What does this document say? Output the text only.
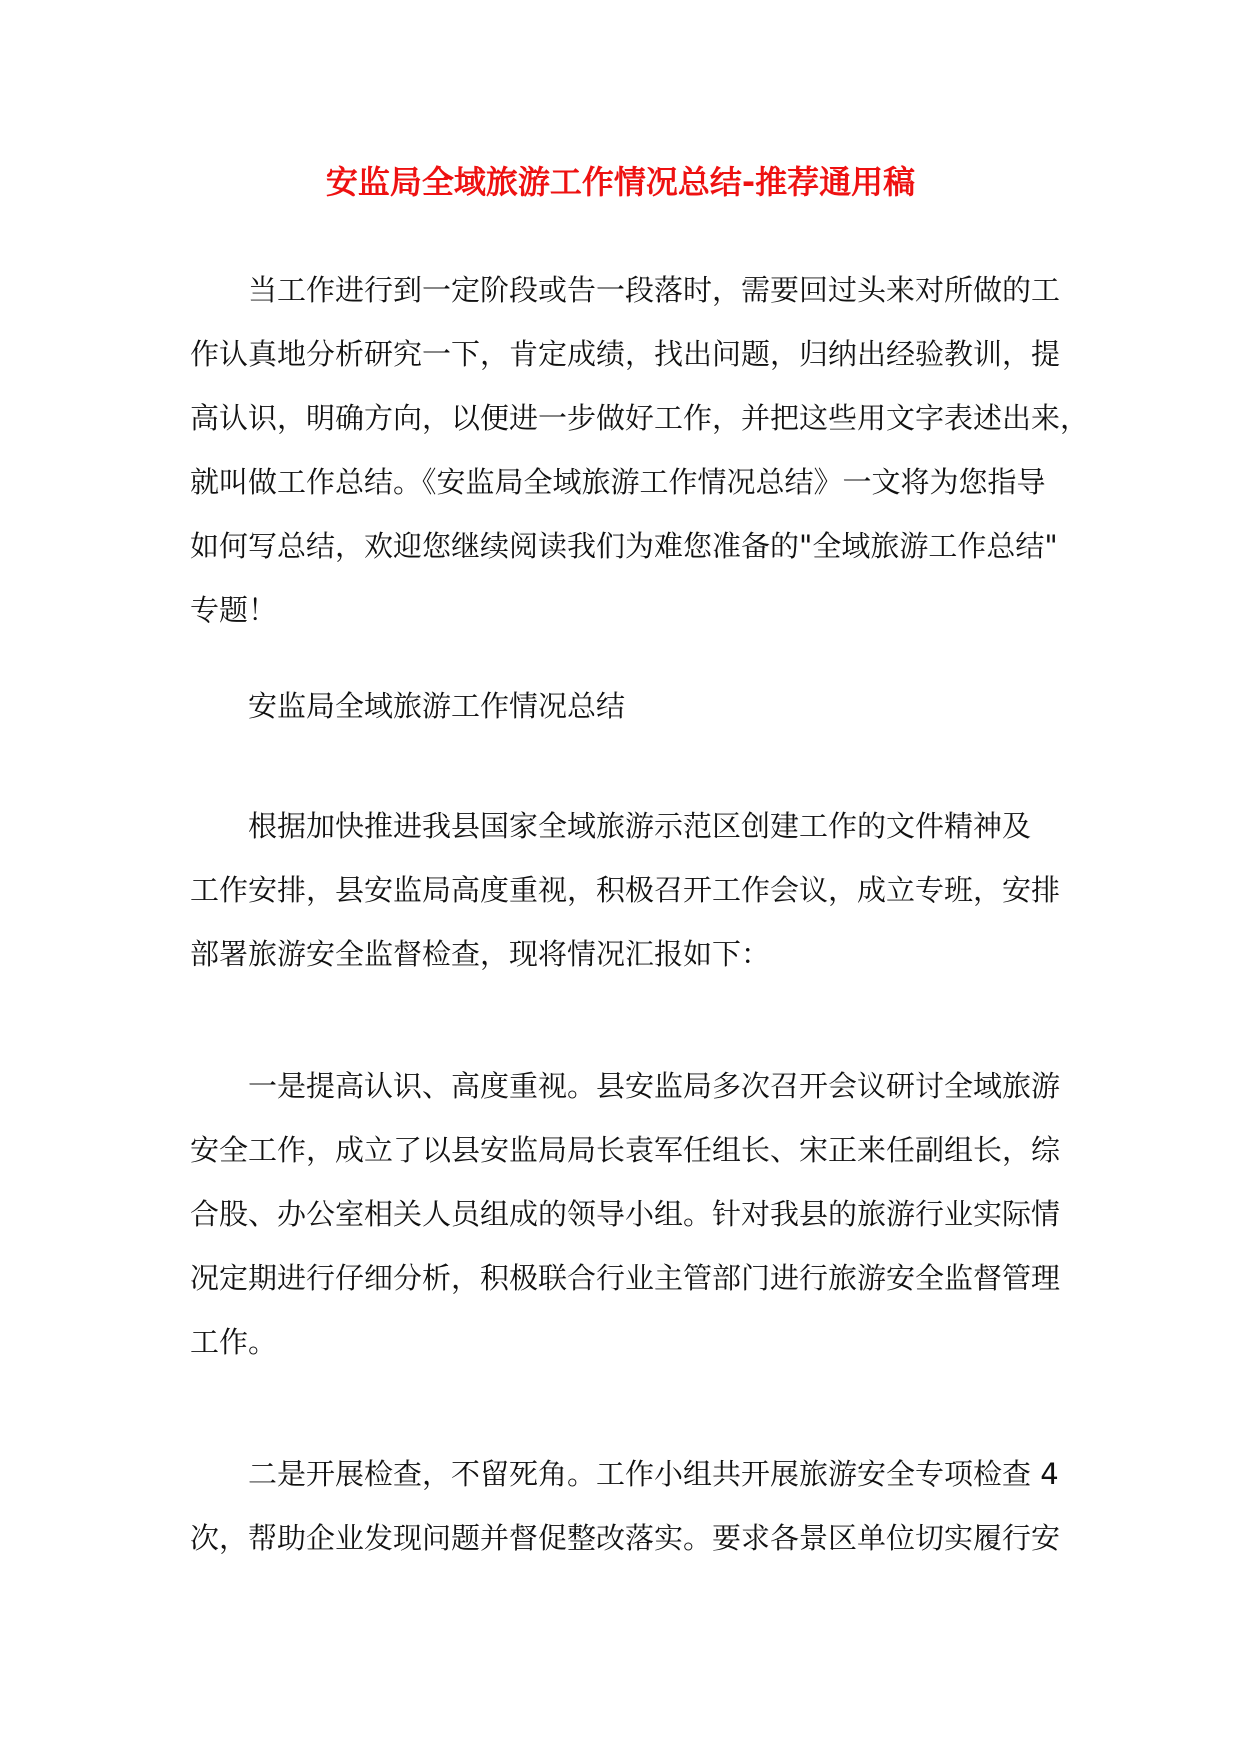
安监局全域旅游工作情况总结-推荐通用稿
当工作进行到一定阶段或告一段落时，需要回过头来对所做的工
作认真地分析研究一下，肯定成绩，找出问题，归纳出经验教训，提
高认识，明确方向，以便进一步做好工作，并把这些用文字表述出来，
就叫做工作总结。《安监局全域旅游工作情况总结》一文将为您指导
如何写总结，欢迎您继续阅读我们为难您准备的"全域旅游工作总结"
专题！
安监局全域旅游工作情况总结
根据加快推进我县国家全域旅游示范区创建工作的文件精神及
工作安排，县安监局高度重视，积极召开工作会议，成立专班，安排
部署旅游安全监督检查，现将情况汇报如下：
一是提高认识、高度重视。县安监局多次召开会议研讨全域旅游
安全工作，成立了以县安监局局长袁军任组长、宋正来任副组长，综
合股、办公室相关人员组成的领导小组。针对我县的旅游行业实际情
况定期进行仔细分析，积极联合行业主管部门进行旅游安全监督管理
工作。
二是开展检查，不留死角。工作小组共开展旅游安全专项检查 4
次，帮助企业发现问题并督促整改落实。要求各景区单位切实履行安
